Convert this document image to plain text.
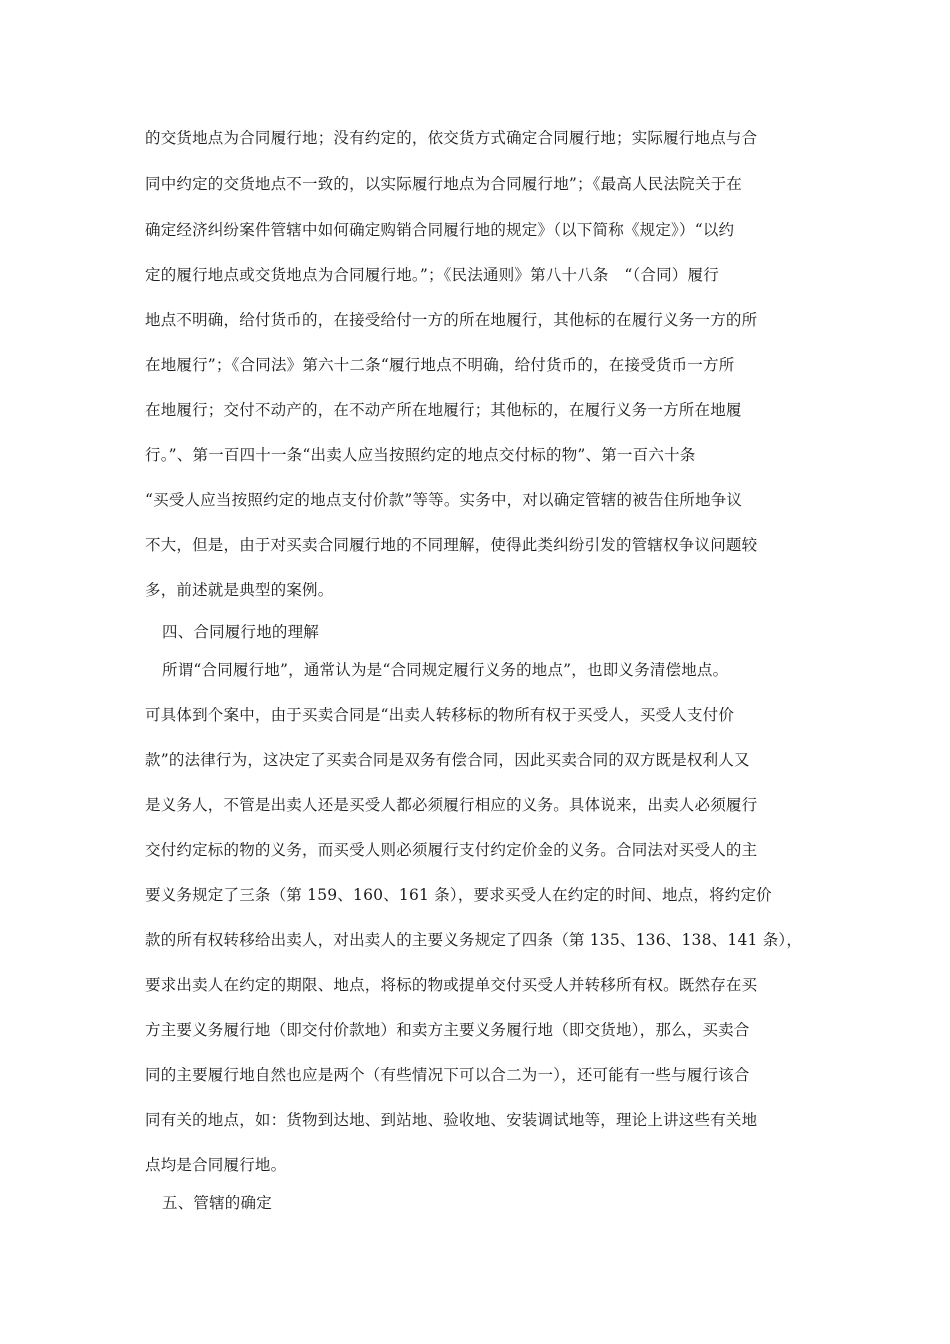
的交货地点为合同履行地；没有约定的，依交货方式确定合同履行地；实际履行地点与合
同中约定的交货地点不一致的，以实际履行地点为合同履行地”；《最高人民法院关于在
确定经济纠纷案件管辖中如何确定购销合同履行地的规定》（以下简称《规定》）“以约
定的履行地点或交货地点为合同履行地。”；《民法通则》第八十八条　“（合同）履行
地点不明确，给付货币的，在接受给付一方的所在地履行，其他标的在履行义务一方的所
在地履行”；《合同法》第六十二条“履行地点不明确，给付货币的，在接受货币一方所
在地履行；交付不动产的，在不动产所在地履行；其他标的，在履行义务一方所在地履
行。”、第一百四十一条“出卖人应当按照约定的地点交付标的物”、第一百六十条
“买受人应当按照约定的地点支付价款”等等。实务中，对以确定管辖的被告住所地争议
不大，但是，由于对买卖合同履行地的不同理解，使得此类纠纷引发的管辖权争议问题较
多，前述就是典型的案例。
四、合同履行地的理解
所谓“合同履行地”，通常认为是“合同规定履行义务的地点”，也即义务清偿地点。
可具体到个案中，由于买卖合同是“出卖人转移标的物所有权于买受人，买受人支付价
款”的法律行为，这决定了买卖合同是双务有偿合同，因此买卖合同的双方既是权利人又
是义务人，不管是出卖人还是买受人都必须履行相应的义务。具体说来，出卖人必须履行
交付约定标的物的义务，而买受人则必须履行支付约定价金的义务。合同法对买受人的主
要义务规定了三条（第 159、160、161 条），要求买受人在约定的时间、地点，将约定价
款的所有权转移给出卖人，对出卖人的主要义务规定了四条（第 135、136、138、141 条），
要求出卖人在约定的期限、地点，将标的物或提单交付买受人并转移所有权。既然存在买
方主要义务履行地（即交付价款地）和卖方主要义务履行地（即交货地），那么，买卖合
同的主要履行地自然也应是两个（有些情况下可以合二为一），还可能有一些与履行该合
同有关的地点，如：货物到达地、到站地、验收地、安装调试地等，理论上讲这些有关地
点均是合同履行地。
五、管辖的确定
